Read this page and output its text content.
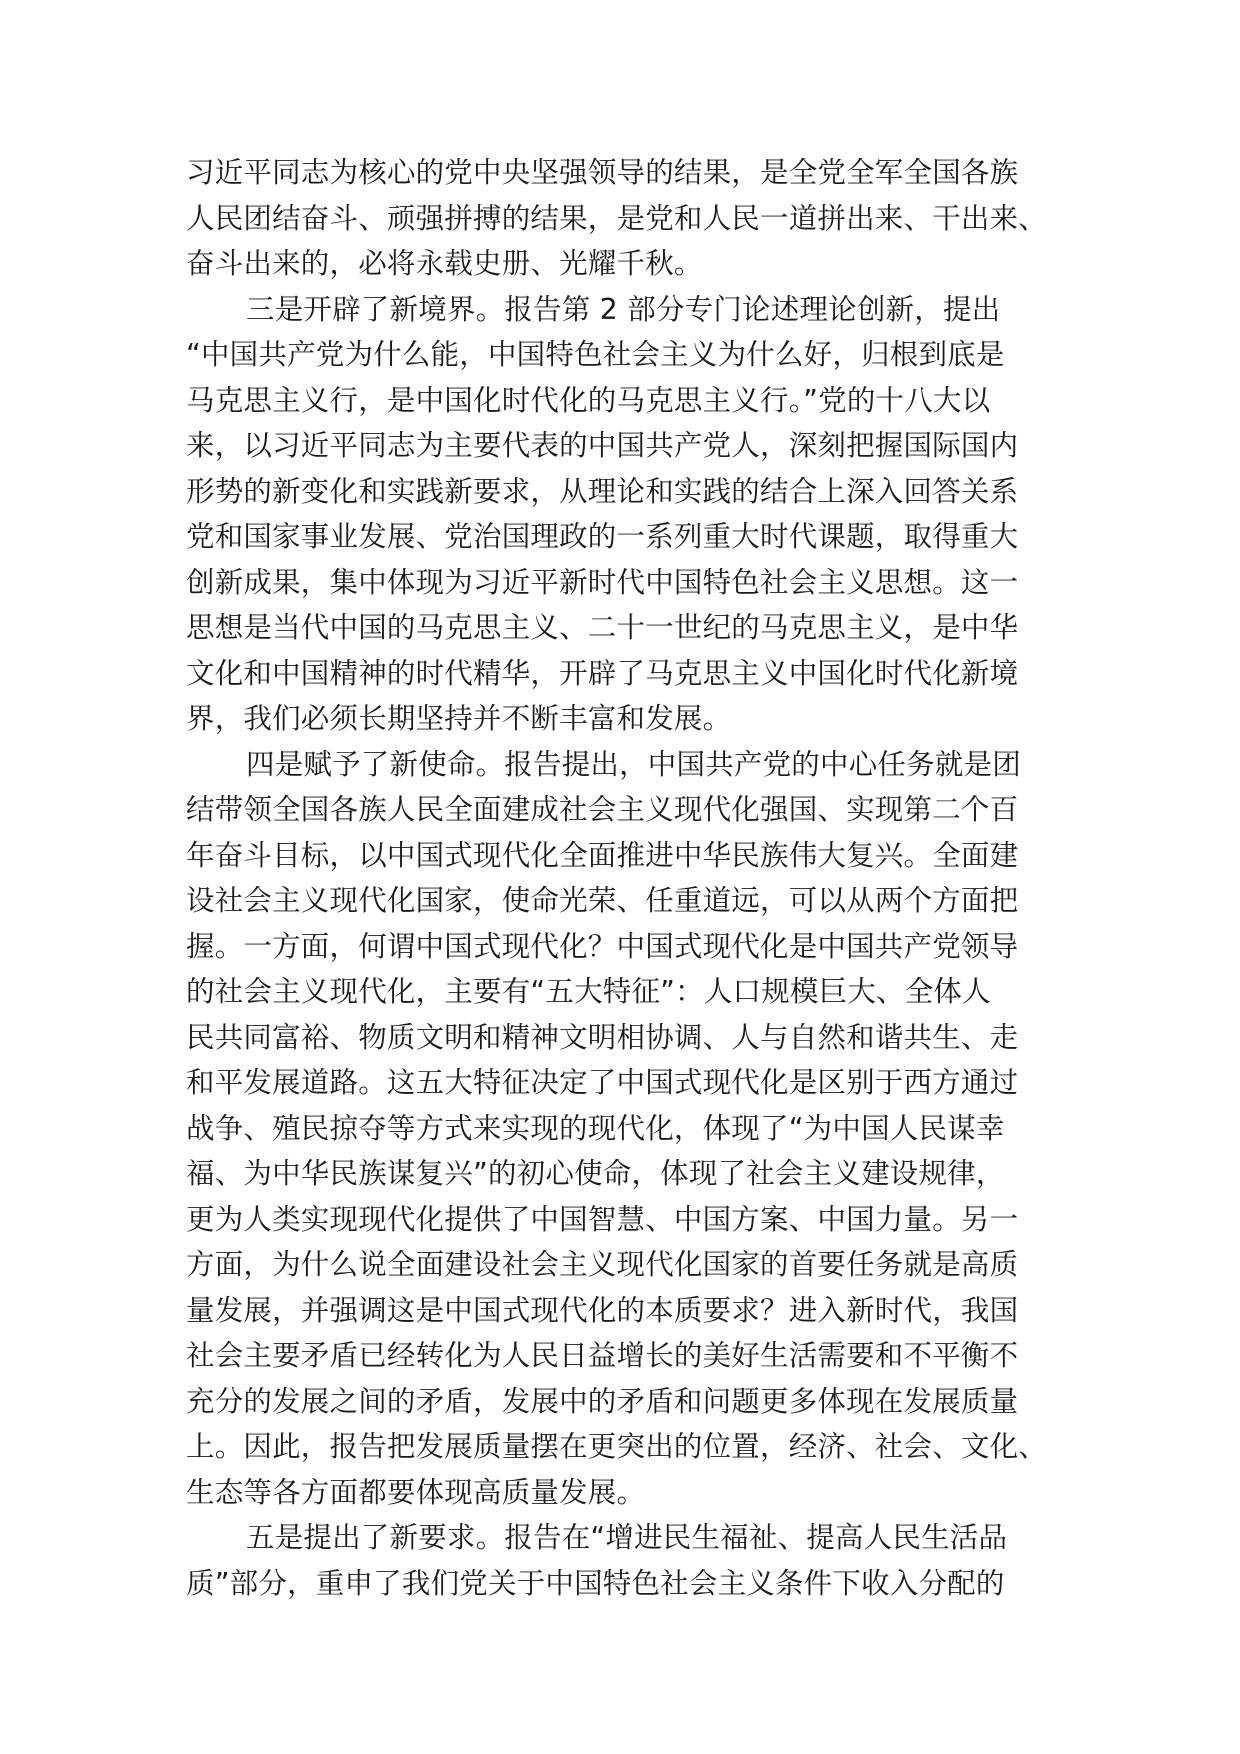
习近平同志为核心的党中央坚强领导的结果，是全党全军全国各族
人民团结奋斗、顽强拼搏的结果，是党和人民一道拼出来、干出来、
奋斗出来的，必将永载史册、光耀千秋。
三是开辟了新境界。报告第 2 部分专门论述理论创新，提出
“中国共产党为什么能，中国特色社会主义为什么好，归根到底是
马克思主义行，是中国化时代化的马克思主义行。”党的十八大以
来，以习近平同志为主要代表的中国共产党人，深刻把握国际国内
形势的新变化和实践新要求，从理论和实践的结合上深入回答关系
党和国家事业发展、党治国理政的一系列重大时代课题，取得重大
创新成果，集中体现为习近平新时代中国特色社会主义思想。这一
思想是当代中国的马克思主义、二十一世纪的马克思主义，是中华
文化和中国精神的时代精华，开辟了马克思主义中国化时代化新境
界，我们必须长期坚持并不断丰富和发展。
四是赋予了新使命。报告提出，中国共产党的中心任务就是团
结带领全国各族人民全面建成社会主义现代化强国、实现第二个百
年奋斗目标，以中国式现代化全面推进中华民族伟大复兴。全面建
设社会主义现代化国家，使命光荣、任重道远，可以从两个方面把
握。一方面，何谓中国式现代化？中国式现代化是中国共产党领导
的社会主义现代化，主要有“五大特征”：人口规模巨大、全体人
民共同富裕、物质文明和精神文明相协调、人与自然和谐共生、走
和平发展道路。这五大特征决定了中国式现代化是区别于西方通过
战争、殖民掠夺等方式来实现的现代化，体现了“为中国人民谋幸
福、为中华民族谋复兴”的初心使命，体现了社会主义建设规律，
更为人类实现现代化提供了中国智慧、中国方案、中国力量。另一
方面，为什么说全面建设社会主义现代化国家的首要任务就是高质
量发展，并强调这是中国式现代化的本质要求？进入新时代，我国
社会主要矛盾已经转化为人民日益增长的美好生活需要和不平衡不
充分的发展之间的矛盾，发展中的矛盾和问题更多体现在发展质量
上。因此，报告把发展质量摆在更突出的位置，经济、社会、文化、
生态等各方面都要体现高质量发展。
五是提出了新要求。报告在“增进民生福祉、提高人民生活品
质”部分，重申了我们党关于中国特色社会主义条件下收入分配的
